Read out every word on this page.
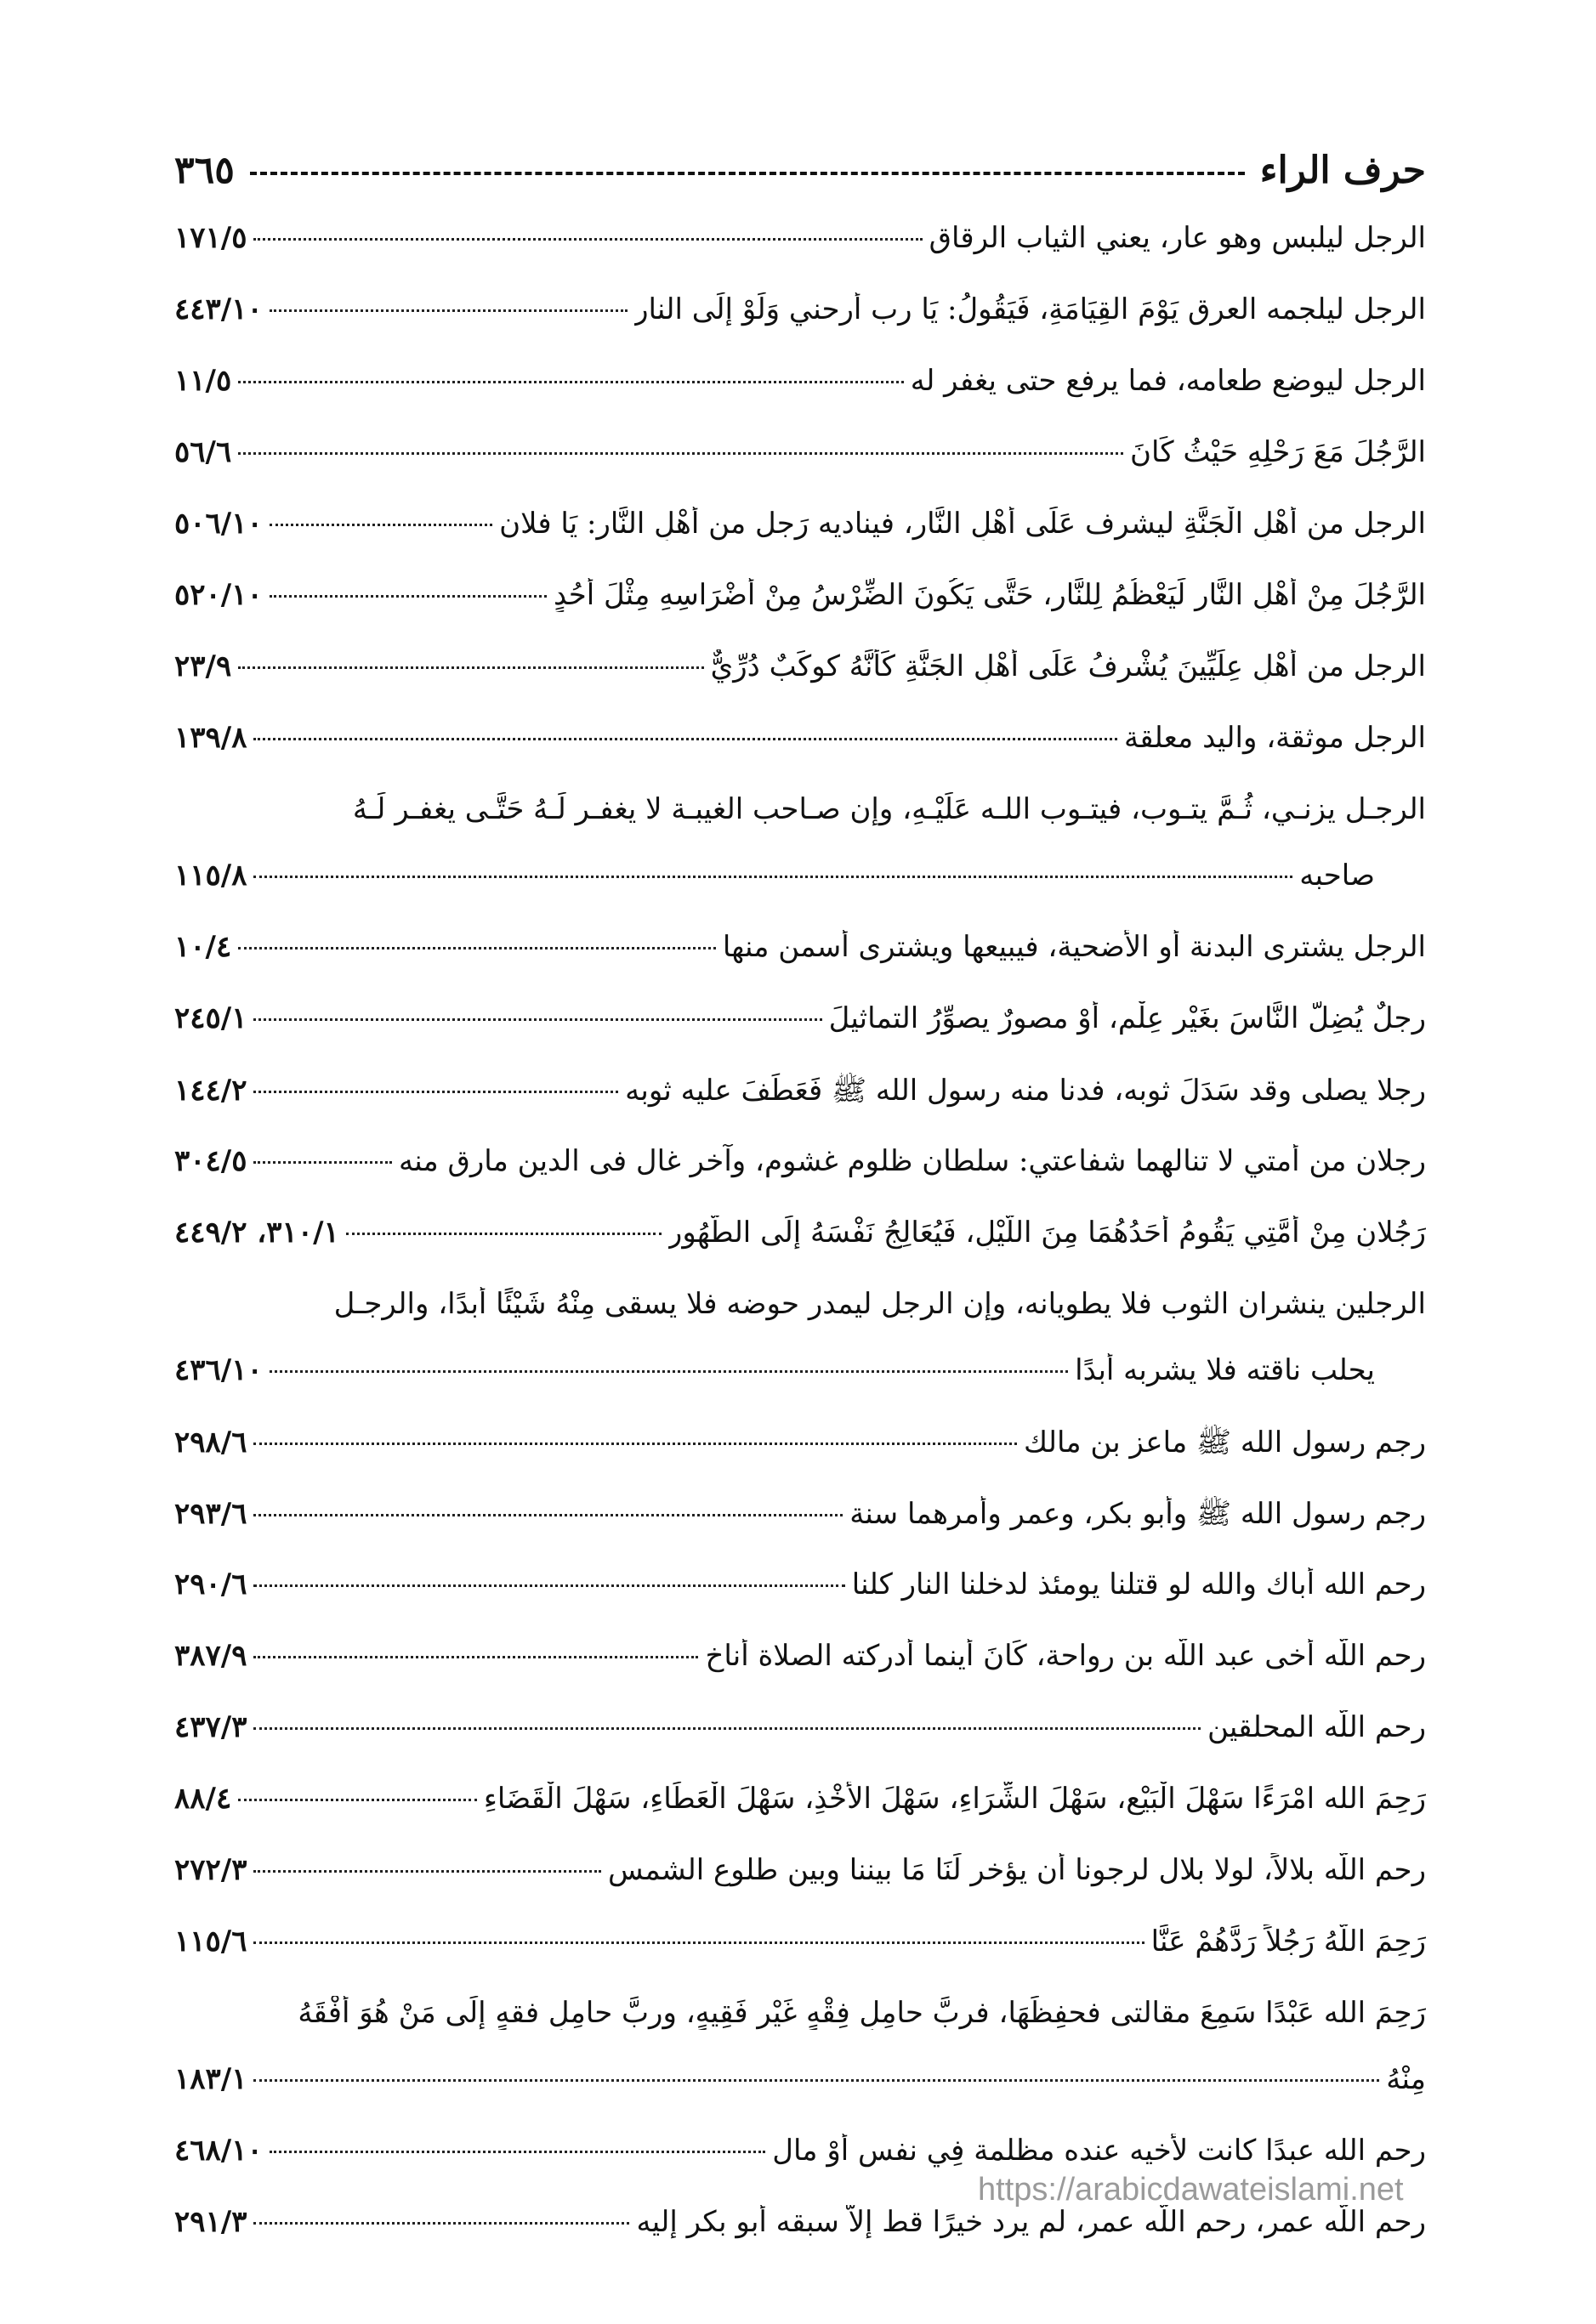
حرف الراء
٣٦٥
الرجل ليلبس وهو عار، يعني الثياب الرقاق
١٧١/٥
الرجل ليلجمه العرق يَوْمَ القِيَامَةِ، فَيَقُولُ: يَا رب أرحني وَلَوْ إِلَى النار
٤٤٣/١٠
الرجل ليوضع طعامه، فما يرفع حتى يغفر له
١١/٥
الرَّجُلَ مَعَ رَحْلِهِ حَيْثُ كَانَ
٥٦/٦
الرجل من أَهْلِ الْجَنَّةِ ليشرف عَلَى أَهْلِ النَّارِ، فيناديه رَجل من أَهْلِ النَّارِ: يَا فلان
٥٠٦/١٠
الرَّجُلَ مِنْ أَهْلِ النَّارِ لَيَعْظُمُ لِلنَّارِ، حَتَّى يَكُونَ الضِّرْسُ مِنْ أَضْرَاسِهِ مِثْلَ أُحُدٍ
٥٢٠/١٠
الرجل من أَهْلِ عِلِّيِّينَ يُشْرِفُ عَلَى أَهْلِ الجَنَّةِ كَأَنَّهُ كوكَبٌ دُرِّيٌّ
٢٣/٩
الرجل موثقة، واليد معلقة
١٣٩/٨
الرجـل يزنـي، ثُـمَّ يتـوب، فيتـوب اللـه عَلَيْـهِ، وإن صـاحب الغيبـة لا يغفـر لَـهُ حَتَّـى يغفـر لَـهُ
صاحبه
١١٥/٨
الرجل يشترى البدنة أو الأضحية، فيبيعها ويشترى أسمن منها
١٠/٤
رجلٌ يُضِلُّ النَّاسَ بغَيْرِ عِلْمٍ، أَوْ مصورٌ يصوِّرُ التماثيلَ
٢٤٥/١
رجلا يصلى وقد سَدَلَ ثوبه، فدنا منه رسول الله ﷺ فَعَطَفَ عليه ثوبه
١٤٤/٢
رجلان من أمتي لا تنالهما شفاعتي: سلطان ظلوم غشوم، وآخر غال فى الدين مارق منه
٣٠٤/٥
رَجُلانِ مِنْ أُمَّتِي يَقُومُ أَحَدُهُمَا مِنَ اللَّيْلِ، فَيُعَالِجُ نَفْسَهُ إِلَى الطَّهُورِ
٣١٠/١، ٤٤٩/٢
الرجلين ينشران الثوب فلا يطويانه، وإن الرجل ليمدر حوضه فلا يسقى مِنْهُ شَيْئًا أبدًا، والرجـل
يحلب ناقته فلا يشربه أبدًا
٤٣٦/١٠
رجم رسول الله ﷺ ماعز بن مالك
٢٩٨/٦
رجم رسول الله ﷺ وأبو بكر، وعمر وأمرهما سنة
٢٩٣/٦
رحم الله أباك والله لو قتلنا يومئذ لدخلنا النار كلنا
٢٩٠/٦
رحم اللّه أخى عبد اللّه بن رواحة، كَانَ أينما أدركته الصلاة أناخ
٣٨٧/٩
رحم اللّه المحلقين
٤٣٧/٣
رَحِمَ الله امْرَءًا سَهْلَ الْبَيْعِ، سَهْلَ الشِّرَاءِ، سَهْلَ الأَخْذِ، سَهْلَ الْعَطَاءِ، سَهْلَ الْقَضَاءِ
٨٨/٤
رحم اللّه بلالاً، لولا بلال لرجونا أن يؤخر لَنَا مَا بيننا وبين طلوع الشمس
٢٧٢/٣
رَحِمَ اللَّهُ رَجُلاً رَدَّهُمْ عَنَّا
١١٥/٦
رَحِمَ الله عَبْدًا سَمِعَ مقالتى فحفِظَهَا، فربَّ حامِلِ فِقْهٍ غَيْرِ فَقِيهٍ، وربَّ حامِلِ فقهٍ إِلَى مَنْ هُوَ أَفْقَهُ
مِنْهُ
١٨٣/١
رحم الله عبدًا كانت لأخيه عنده مظلمة فِي نفس أَوْ مال
٤٦٨/١٠
رحم اللّه عمر، رحم اللّه عمر، لم يرد خيرًا قط إلاّ سبقه أبو بكر إليه
٢٩١/٣
https://arabicdawateislami.net
